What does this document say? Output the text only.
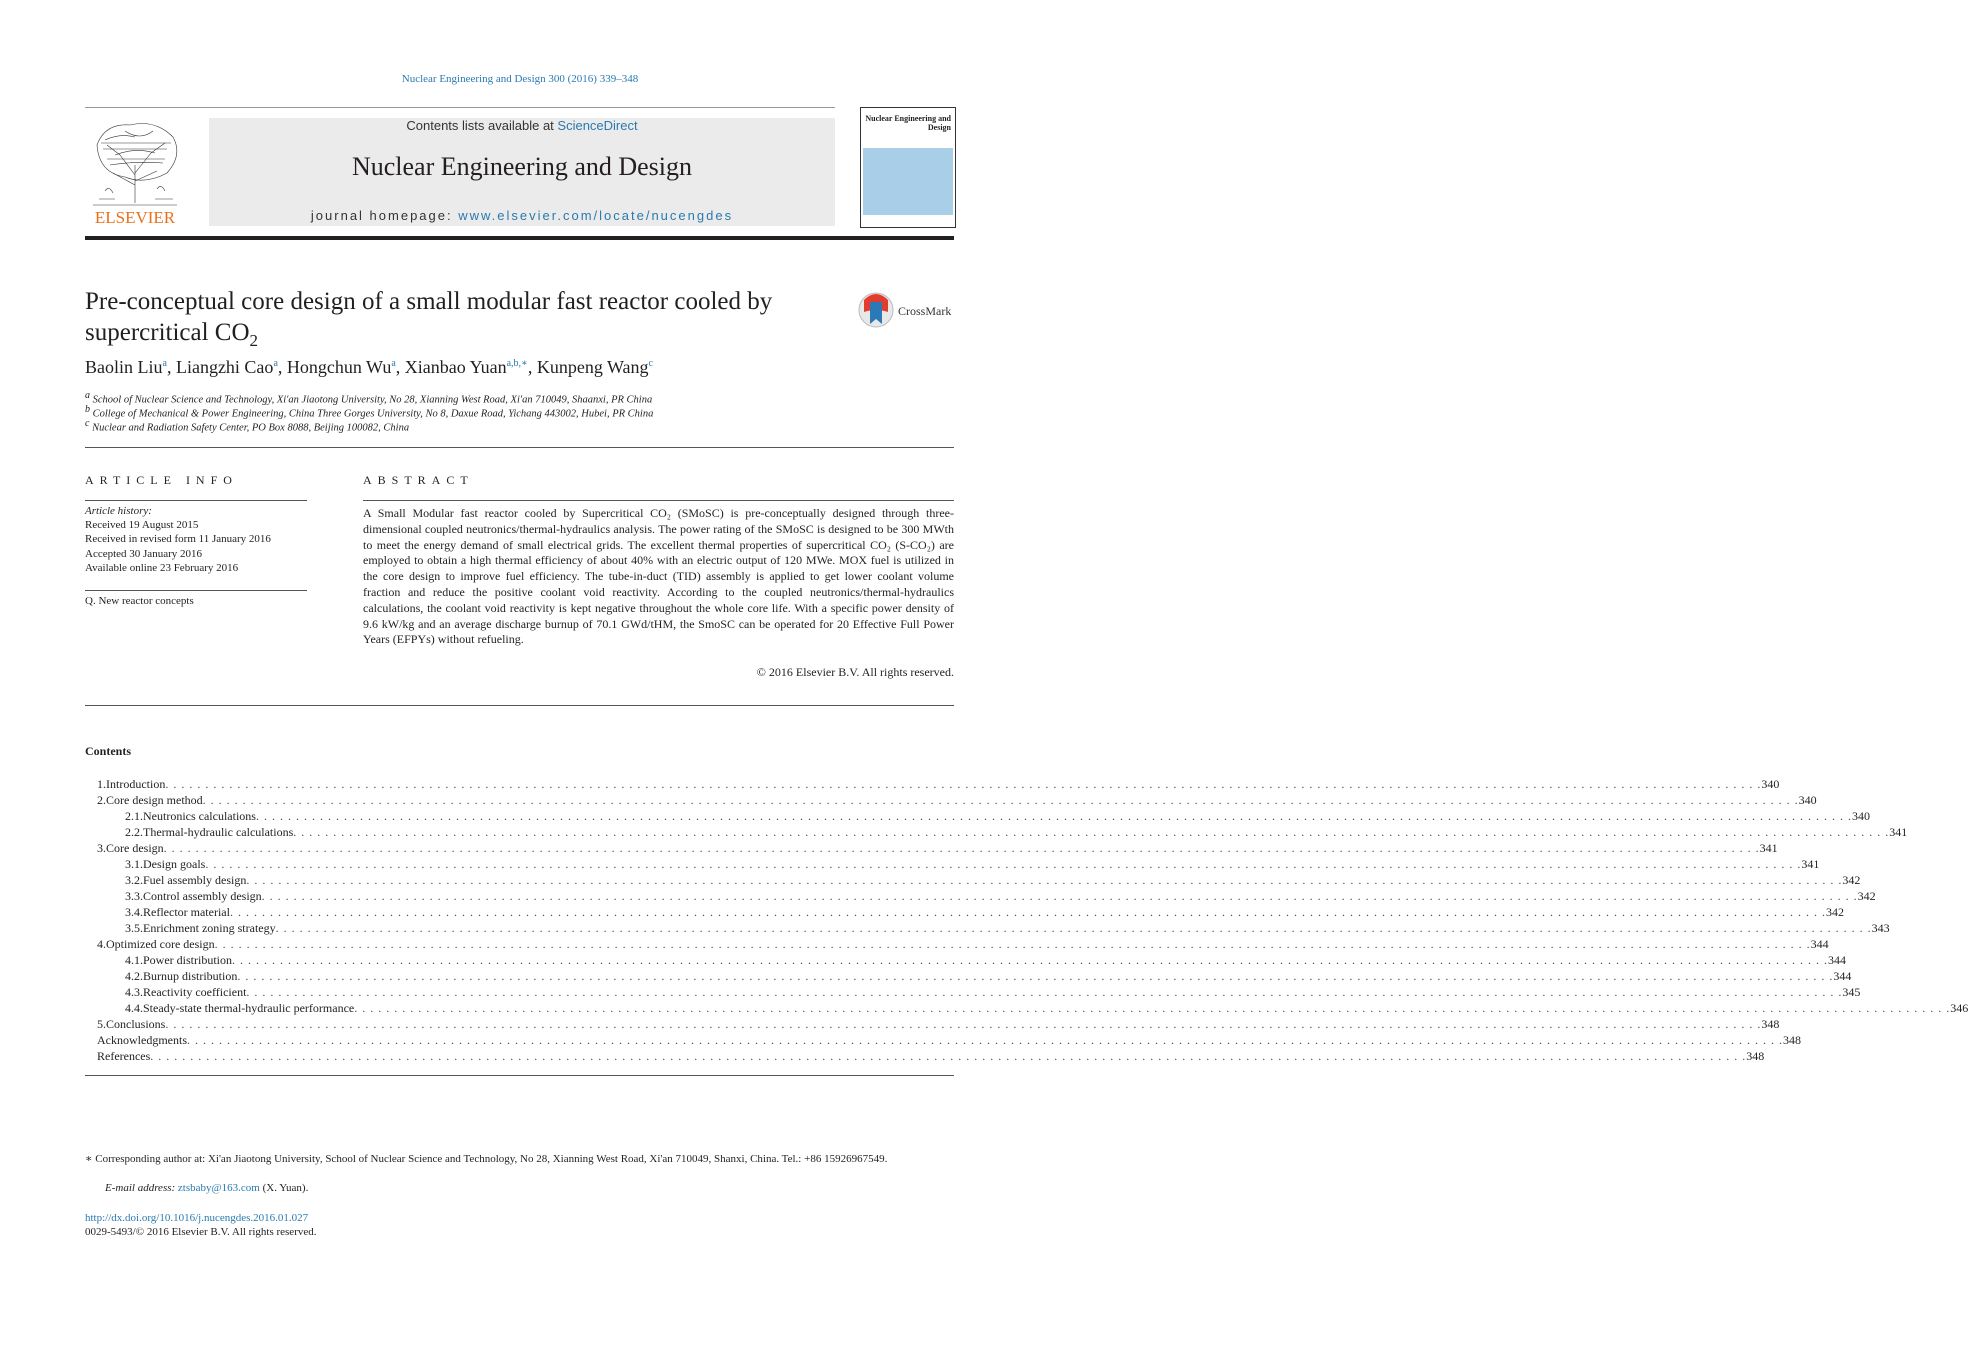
Nuclear Engineering and Design 300 (2016) 339–348
ELSEVIER
Contents lists available at ScienceDirect
Nuclear Engineering and Design
journal homepage: www.elsevier.com/locate/nucengdes
Nuclear Engineering and Design
Pre-conceptual core design of a small modular fast reactor cooled by supercritical $CO_2$
CrossMark
Baolin Liu$^a$, Liangzhi Cao$^a$, Hongchun Wu$^a$, Xianbao Yuan$^{a,b,∗}$, Kunpeng Wang$^c$
$^a$ School of Nuclear Science and Technology, Xi'an Jiaotong University, No 28, Xianning West Road, Xi'an 710049, Shaanxi, PR China
$^b$ College of Mechanical & Power Engineering, China Three Gorges University, No 8, Daxue Road, Yichang 443002, Hubei, PR China
$^c$ Nuclear and Radiation Safety Center, PO Box 8088, Beijing 100082, China
ARTICLE INFO
Article history:
Received 19 August 2015
Received in revised form 11 January 2016
Accepted 30 January 2016
Available online 23 February 2016
Q. New reactor concepts
ABSTRACT
A Small Modular fast reactor cooled by Supercritical CO₂ (SMoSC) is pre-conceptually designed through three-dimensional coupled neutronics/thermal-hydraulics analysis. The power rating of the SMoSC is designed to be 300 MWth to meet the energy demand of small electrical grids. The excellent thermal properties of supercritical CO₂ (S-CO₂) are employed to obtain a high thermal efficiency of about 40% with an electric output of 120 MWe. MOX fuel is utilized in the core design to improve fuel efficiency. The tube-in-duct (TID) assembly is applied to get lower coolant volume fraction and reduce the positive coolant void reactivity. According to the coupled neutronics/thermal-hydraulics calculations, the coolant void reactivity is kept negative throughout the whole core life. With a specific power density of 9.6 kW/kg and an average discharge burnup of 70.1 GWd/tHM, the SmoSC can be operated for 20 Effective Full Power Years (EFPYs) without refueling.
© 2016 Elsevier B.V. All rights reserved.
Contents
1. Introduction . . . . . . . . . . . . . . . . . . . . . . . . . . . . . . . . . . . . . . . . . . . . . . . . . . . . . . . . . . . . . . . . . . . . . . . . . . . . . . . . . . . . . . . . . . . . . . . . . . . . . . . . . . . . . . . . . . . . . . . . . . . . . . . . . . . . . . . . . . . . . . . . . . . . . . . . . . . . . . . . . . . . . . . . . . . . . . . . . . . . . . . . . . . . . . . . . . . . . . . . 340
2. Core design method . . . . . . . . . . . . . . . . . . . . . . . . . . . . . . . . . . . . . . . . . . . . . . . . . . . . . . . . . . . . . . . . . . . . . . . . . . . . . . . . . . . . . . . . . . . . . . . . . . . . . . . . . . . . . . . . . . . . . . . . . . . . . . . . . . . . . . . . . . . . . . . . . . . . . . . . . . . . . . . . . . . . . . . . . . . . . . . . . . . . . . . . . . . . . . . . . . . . . . . . 340
2.1. Neutronics calculations . . . . . . . . . . . . . . . . . . . . . . . . . . . . . . . . . . . . . . . . . . . . . . . . . . . . . . . . . . . . . . . . . . . . . . . . . . . . . . . . . . . . . . . . . . . . . . . . . . . . . . . . . . . . . . . . . . . . . . . . . . . . . . . . . . . . . . . . . . . . . . . . . . . . . . . . . . . . . . . . . . . . . . . . . . . . . . . . . . . . . . . . . . . . . . . . . . . . . . . . 340
2.2. Thermal-hydraulic calculations . . . . . . . . . . . . . . . . . . . . . . . . . . . . . . . . . . . . . . . . . . . . . . . . . . . . . . . . . . . . . . . . . . . . . . . . . . . . . . . . . . . . . . . . . . . . . . . . . . . . . . . . . . . . . . . . . . . . . . . . . . . . . . . . . . . . . . . . . . . . . . . . . . . . . . . . . . . . . . . . . . . . . . . . . . . . . . . . . . . . . . . . . . . . . . . . . . . . . . . . 341
3. Core design . . . . . . . . . . . . . . . . . . . . . . . . . . . . . . . . . . . . . . . . . . . . . . . . . . . . . . . . . . . . . . . . . . . . . . . . . . . . . . . . . . . . . . . . . . . . . . . . . . . . . . . . . . . . . . . . . . . . . . . . . . . . . . . . . . . . . . . . . . . . . . . . . . . . . . . . . . . . . . . . . . . . . . . . . . . . . . . . . . . . . . . . . . . . . . . . . . . . . . . . 341
3.1. Design goals . . . . . . . . . . . . . . . . . . . . . . . . . . . . . . . . . . . . . . . . . . . . . . . . . . . . . . . . . . . . . . . . . . . . . . . . . . . . . . . . . . . . . . . . . . . . . . . . . . . . . . . . . . . . . . . . . . . . . . . . . . . . . . . . . . . . . . . . . . . . . . . . . . . . . . . . . . . . . . . . . . . . . . . . . . . . . . . . . . . . . . . . . . . . . . . . . . . . . . . . 341
3.2. Fuel assembly design . . . . . . . . . . . . . . . . . . . . . . . . . . . . . . . . . . . . . . . . . . . . . . . . . . . . . . . . . . . . . . . . . . . . . . . . . . . . . . . . . . . . . . . . . . . . . . . . . . . . . . . . . . . . . . . . . . . . . . . . . . . . . . . . . . . . . . . . . . . . . . . . . . . . . . . . . . . . . . . . . . . . . . . . . . . . . . . . . . . . . . . . . . . . . . . . . . . . . . . . 342
3.3. Control assembly design . . . . . . . . . . . . . . . . . . . . . . . . . . . . . . . . . . . . . . . . . . . . . . . . . . . . . . . . . . . . . . . . . . . . . . . . . . . . . . . . . . . . . . . . . . . . . . . . . . . . . . . . . . . . . . . . . . . . . . . . . . . . . . . . . . . . . . . . . . . . . . . . . . . . . . . . . . . . . . . . . . . . . . . . . . . . . . . . . . . . . . . . . . . . . . . . . . . . . . . . 342
3.4. Reflector material . . . . . . . . . . . . . . . . . . . . . . . . . . . . . . . . . . . . . . . . . . . . . . . . . . . . . . . . . . . . . . . . . . . . . . . . . . . . . . . . . . . . . . . . . . . . . . . . . . . . . . . . . . . . . . . . . . . . . . . . . . . . . . . . . . . . . . . . . . . . . . . . . . . . . . . . . . . . . . . . . . . . . . . . . . . . . . . . . . . . . . . . . . . . . . . . . . . . . . . . 342
3.5. Enrichment zoning strategy . . . . . . . . . . . . . . . . . . . . . . . . . . . . . . . . . . . . . . . . . . . . . . . . . . . . . . . . . . . . . . . . . . . . . . . . . . . . . . . . . . . . . . . . . . . . . . . . . . . . . . . . . . . . . . . . . . . . . . . . . . . . . . . . . . . . . . . . . . . . . . . . . . . . . . . . . . . . . . . . . . . . . . . . . . . . . . . . . . . . . . . . . . . . . . . . . . . . . . . . 343
4. Optimized core design . . . . . . . . . . . . . . . . . . . . . . . . . . . . . . . . . . . . . . . . . . . . . . . . . . . . . . . . . . . . . . . . . . . . . . . . . . . . . . . . . . . . . . . . . . . . . . . . . . . . . . . . . . . . . . . . . . . . . . . . . . . . . . . . . . . . . . . . . . . . . . . . . . . . . . . . . . . . . . . . . . . . . . . . . . . . . . . . . . . . . . . . . . . . . . . . . . . . . . . . 344
4.1. Power distribution . . . . . . . . . . . . . . . . . . . . . . . . . . . . . . . . . . . . . . . . . . . . . . . . . . . . . . . . . . . . . . . . . . . . . . . . . . . . . . . . . . . . . . . . . . . . . . . . . . . . . . . . . . . . . . . . . . . . . . . . . . . . . . . . . . . . . . . . . . . . . . . . . . . . . . . . . . . . . . . . . . . . . . . . . . . . . . . . . . . . . . . . . . . . . . . . . . . . . . . . 344
4.2. Burnup distribution . . . . . . . . . . . . . . . . . . . . . . . . . . . . . . . . . . . . . . . . . . . . . . . . . . . . . . . . . . . . . . . . . . . . . . . . . . . . . . . . . . . . . . . . . . . . . . . . . . . . . . . . . . . . . . . . . . . . . . . . . . . . . . . . . . . . . . . . . . . . . . . . . . . . . . . . . . . . . . . . . . . . . . . . . . . . . . . . . . . . . . . . . . . . . . . . . . . . . . . . 344
4.3. Reactivity coefficient . . . . . . . . . . . . . . . . . . . . . . . . . . . . . . . . . . . . . . . . . . . . . . . . . . . . . . . . . . . . . . . . . . . . . . . . . . . . . . . . . . . . . . . . . . . . . . . . . . . . . . . . . . . . . . . . . . . . . . . . . . . . . . . . . . . . . . . . . . . . . . . . . . . . . . . . . . . . . . . . . . . . . . . . . . . . . . . . . . . . . . . . . . . . . . . . . . . . . . . . 345
4.4. Steady-state thermal-hydraulic performance . . . . . . . . . . . . . . . . . . . . . . . . . . . . . . . . . . . . . . . . . . . . . . . . . . . . . . . . . . . . . . . . . . . . . . . . . . . . . . . . . . . . . . . . . . . . . . . . . . . . . . . . . . . . . . . . . . . . . . . . . . . . . . . . . . . . . . . . . . . . . . . . . . . . . . . . . . . . . . . . . . . . . . . . . . . . . . . . . . . . . . . . . . . . . . . . . . . . . . . . 346
5. Conclusions . . . . . . . . . . . . . . . . . . . . . . . . . . . . . . . . . . . . . . . . . . . . . . . . . . . . . . . . . . . . . . . . . . . . . . . . . . . . . . . . . . . . . . . . . . . . . . . . . . . . . . . . . . . . . . . . . . . . . . . . . . . . . . . . . . . . . . . . . . . . . . . . . . . . . . . . . . . . . . . . . . . . . . . . . . . . . . . . . . . . . . . . . . . . . . . . . . . . . . . . 348
Acknowledgments . . . . . . . . . . . . . . . . . . . . . . . . . . . . . . . . . . . . . . . . . . . . . . . . . . . . . . . . . . . . . . . . . . . . . . . . . . . . . . . . . . . . . . . . . . . . . . . . . . . . . . . . . . . . . . . . . . . . . . . . . . . . . . . . . . . . . . . . . . . . . . . . . . . . . . . . . . . . . . . . . . . . . . . . . . . . . . . . . . . . . . . . . . . . . . . . . . . . . . . . 348
References . . . . . . . . . . . . . . . . . . . . . . . . . . . . . . . . . . . . . . . . . . . . . . . . . . . . . . . . . . . . . . . . . . . . . . . . . . . . . . . . . . . . . . . . . . . . . . . . . . . . . . . . . . . . . . . . . . . . . . . . . . . . . . . . . . . . . . . . . . . . . . . . . . . . . . . . . . . . . . . . . . . . . . . . . . . . . . . . . . . . . . . . . . . . . . . . . . . . . . . . 348
∗ Corresponding author at: Xi'an Jiaotong University, School of Nuclear Science and Technology, No 28, Xianning West Road, Xi'an 710049, Shanxi, China. Tel.: +86 15926967549.
E-mail address: ztsbaby@163.com (X. Yuan).
http://dx.doi.org/10.1016/j.nucengdes.2016.01.027
0029-5493/© 2016 Elsevier B.V. All rights reserved.
